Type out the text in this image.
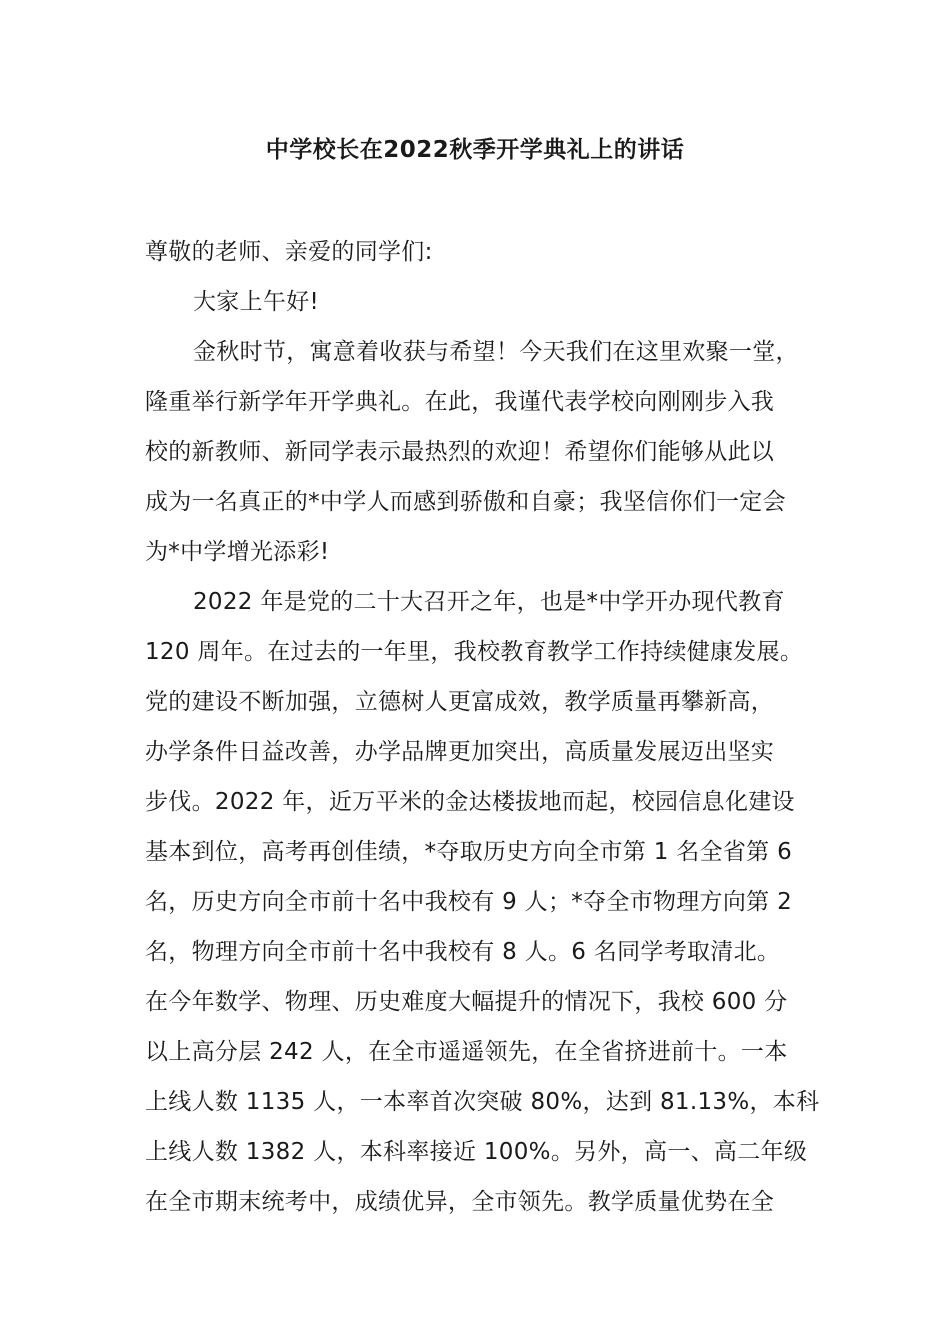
中学校长在2022秋季开学典礼上的讲话
尊敬的老师、亲爱的同学们:
大家上午好!
金秋时节，寓意着收获与希望！今天我们在这里欢聚一堂，
隆重举行新学年开学典礼。在此，我谨代表学校向刚刚步入我
校的新教师、新同学表示最热烈的欢迎！希望你们能够从此以
成为一名真正的*中学人而感到骄傲和自豪；我坚信你们一定会
为*中学增光添彩!
2022 年是党的二十大召开之年，也是*中学开办现代教育
120 周年。在过去的一年里，我校教育教学工作持续健康发展。
党的建设不断加强，立德树人更富成效，教学质量再攀新高，
办学条件日益改善，办学品牌更加突出，高质量发展迈出坚实
步伐。2022 年，近万平米的金达楼拔地而起，校园信息化建设
基本到位，高考再创佳绩，*夺取历史方向全市第 1 名全省第 6
名，历史方向全市前十名中我校有 9 人；*夺全市物理方向第 2
名，物理方向全市前十名中我校有 8 人。6 名同学考取清北。
在今年数学、物理、历史难度大幅提升的情况下，我校 600 分
以上高分层 242 人，在全市遥遥领先，在全省挤进前十。一本
上线人数 1135 人，一本率首次突破 80%，达到 81.13%，本科
上线人数 1382 人，本科率接近 100%。另外，高一、高二年级
在全市期末统考中，成绩优异，全市领先。教学质量优势在全
